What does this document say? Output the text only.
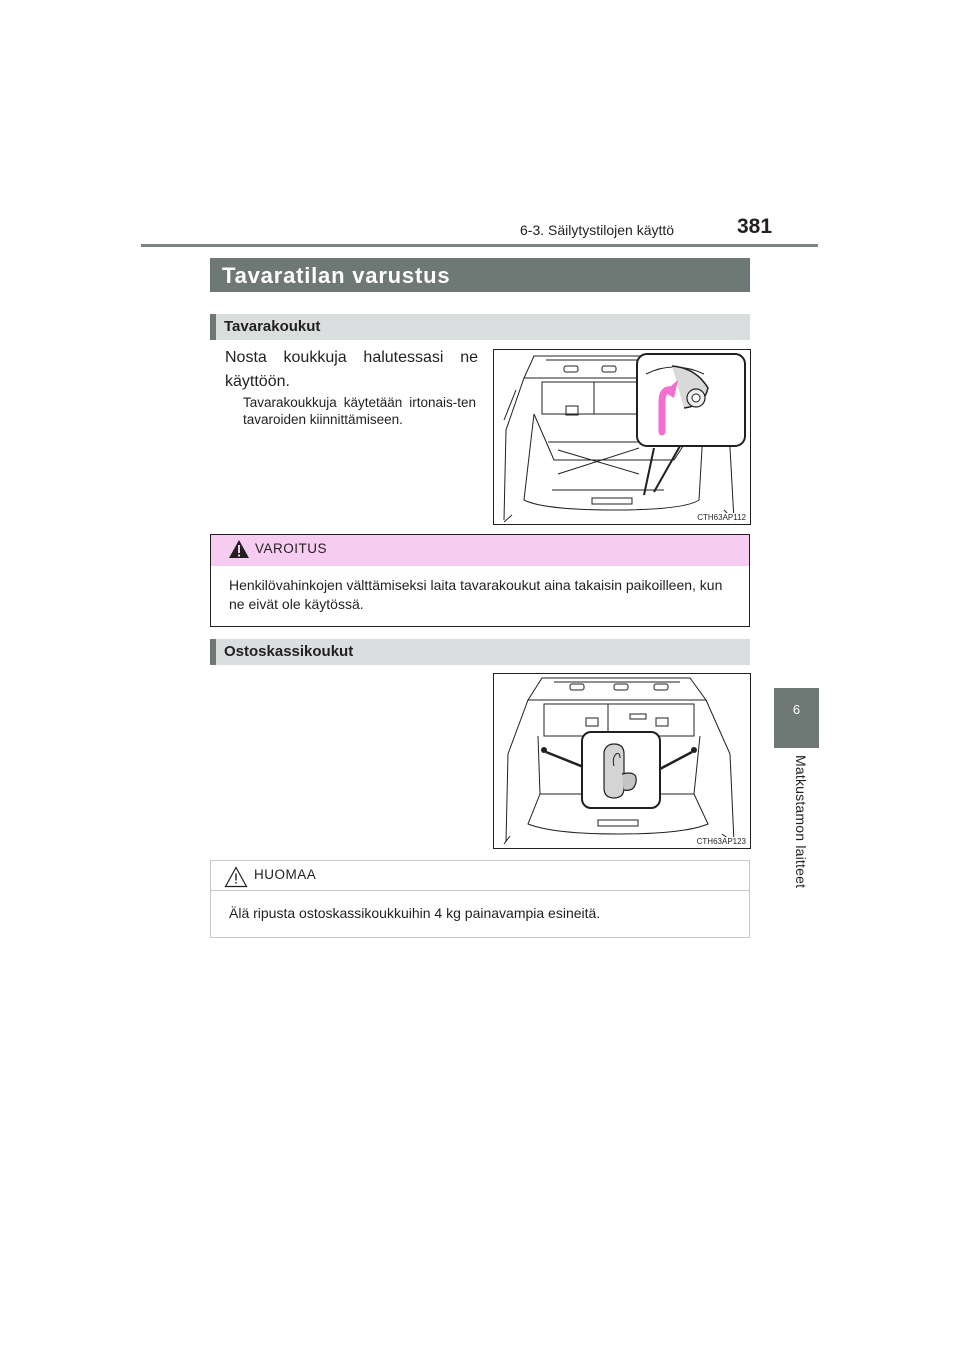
6-3. Säilytystilojen käyttö	381
6
Matkustamon laitteet
Tavaratilan varustus
Tavarakoukut
Nosta koukkuja halutessasi ne käyttöön.
Tavarakoukkuja käytetään irtonais-ten tavaroiden kiinnittämiseen.
CTH63AP112
VAROITUS
Henkilövahinkojen välttämiseksi laita tavarakoukut aina takaisin paikoilleen, kun ne eivät ole käytössä.
Ostoskassikoukut
CTH63AP123
HUOMAA
Älä ripusta ostoskassikoukkuihin 4 kg painavampia esineitä.
